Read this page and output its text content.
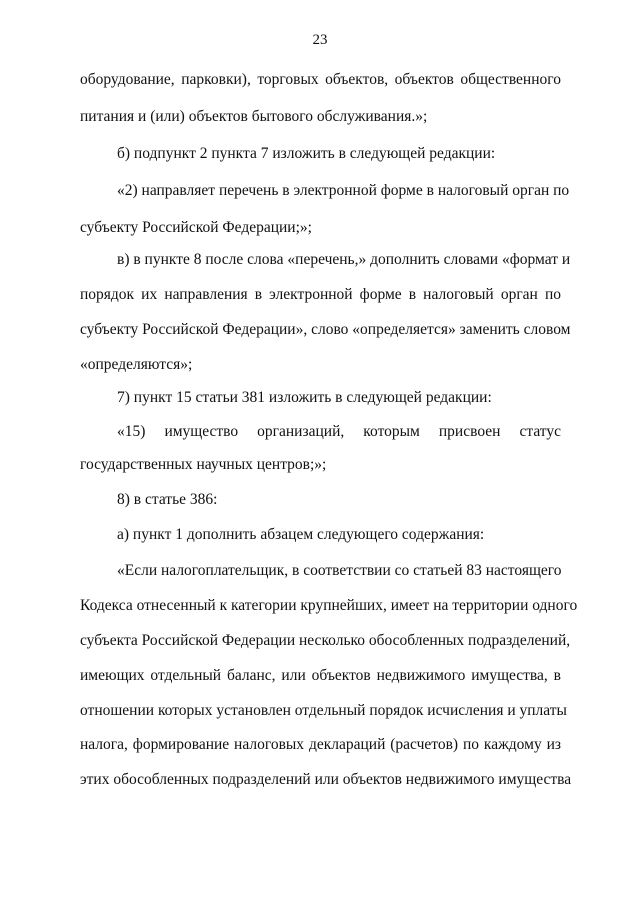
23
оборудование, парковки), торговых объектов, объектов общественного
питания и (или) объектов бытового обслуживания.»;
б) подпункт 2 пункта 7 изложить в следующей редакции:
«2) направляет перечень в электронной форме в налоговый орган по
субъекту Российской Федерации;»;
в) в пункте 8 после слова «перечень,» дополнить словами «формат и
порядок их направления в электронной форме в налоговый орган по
субъекту Российской Федерации», слово «определяется» заменить словом
«определяются»;
7) пункт 15 статьи 381 изложить в следующей редакции:
«15) имущество организаций, которым присвоен статус
государственных научных центров;»;
8) в статье 386:
а) пункт 1 дополнить абзацем следующего содержания:
«Если налогоплательщик, в соответствии со статьей 83 настоящего
Кодекса отнесенный к категории крупнейших, имеет на территории одного
субъекта Российской Федерации несколько обособленных подразделений,
имеющих отдельный баланс, или объектов недвижимого имущества, в
отношении которых установлен отдельный порядок исчисления и уплаты
налога, формирование налоговых деклараций (расчетов) по каждому из
этих обособленных подразделений или объектов недвижимого имущества
